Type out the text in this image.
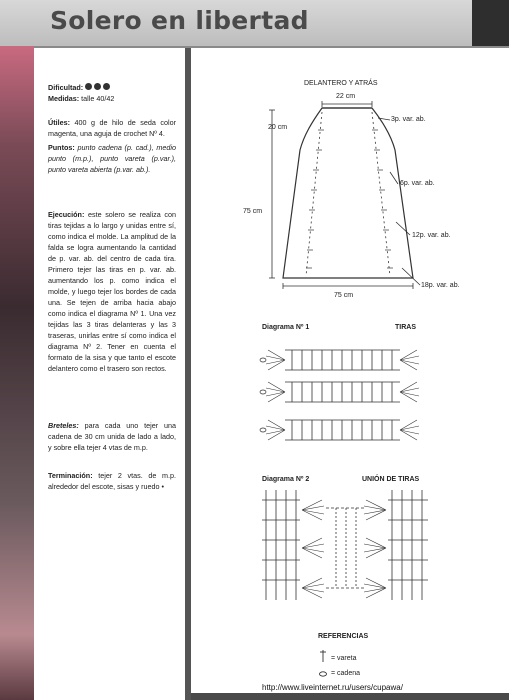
Solero en libertad
Dificultad:
Medidas: talle 40/42
Útiles: 400 g de hilo de seda color magenta, una aguja de crochet Nº 4.
Puntos: punto cadena (p. cad.), medio punto (m.p.), punto vareta (p.var.), punto vareta abierta (p.var. ab.).
Ejecución: este solero se realiza con tiras tejidas a lo largo y unidas entre sí, como indica el molde. La amplitud de la falda se logra aumentando la cantidad de p. var. ab. del centro de cada tira. Primero tejer las tiras en p. var. ab. aumentando los p. como indica el molde, y luego tejer los bordes de cada una. Se tejen de arriba hacia abajo como indica el diagrama Nº 1. Una vez tejidas las 3 tiras delanteras y las 3 traseras, unirlas entre sí como indica el diagrama Nº 2. Tener en cuenta el formato de la sisa y que tanto el escote delantero como el trasero son rectos.
Breteles: para cada uno tejer una cadena de 30 cm unida de lado a lado, y sobre ella tejer 4 vtas de m.p.
Terminación: tejer 2 vtas. de m.p. alrededor del escote, sisas y ruedo •
DELANTERO Y ATRÁS
22 cm
20 cm
75 cm
75 cm
3p. var. ab.
6p. var. ab.
12p. var. ab.
18p. var. ab.
Diagrama Nº 1	TIRAS
Diagrama Nº 2	UNIÓN DE TIRAS
REFERENCIAS
= vareta
= cadena
http://www.liveinternet.ru/users/cupawa/
